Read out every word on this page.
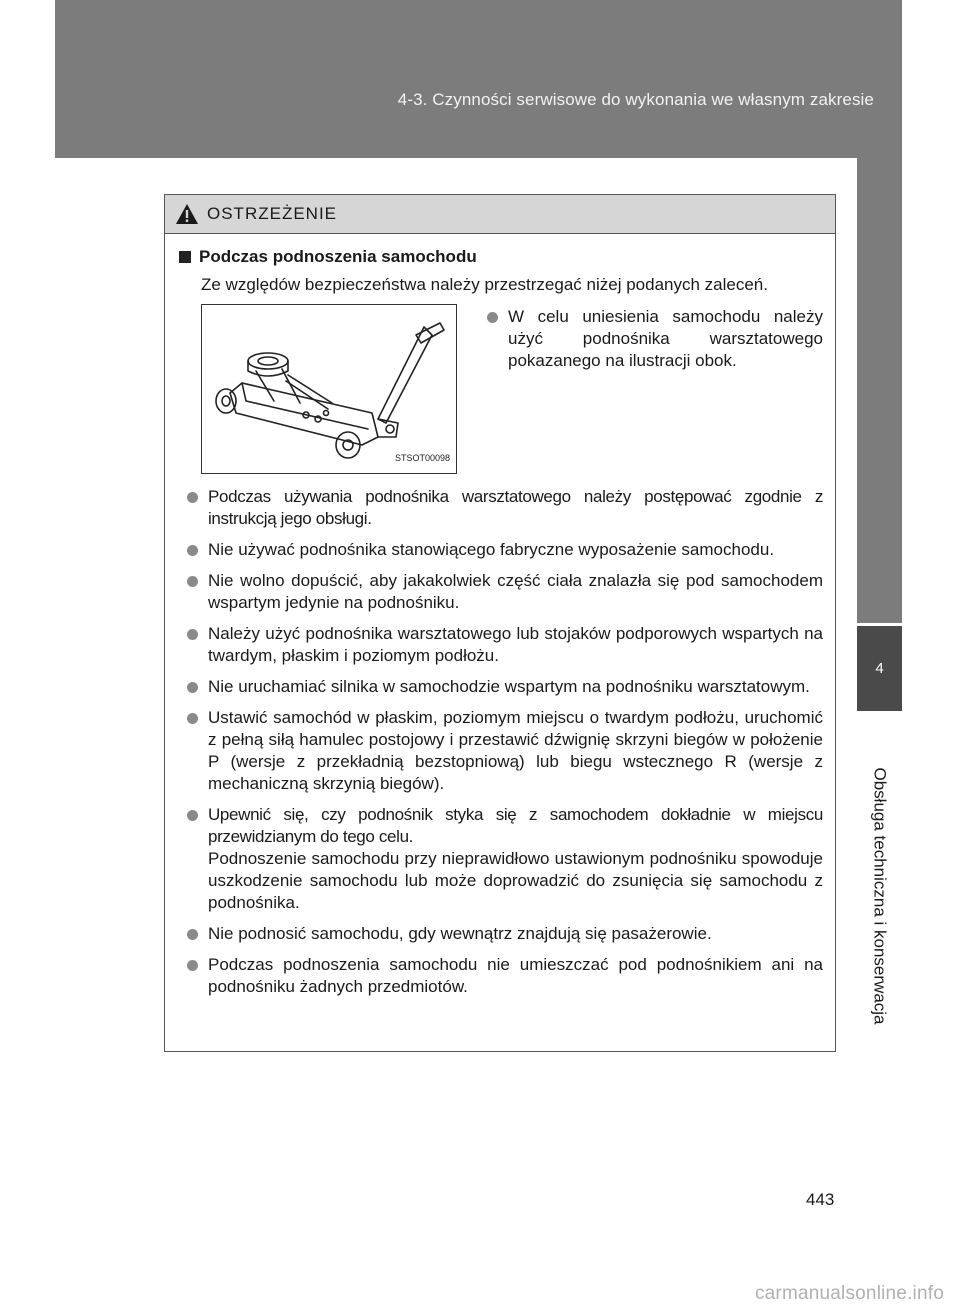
4-3. Czynności serwisowe do wykonania we własnym zakresie
4
Obsługa techniczna i konserwacja
OSTRZEŻENIE
Podczas podnoszenia samochodu
Ze względów bezpieczeństwa należy przestrzegać niżej podanych zaleceń.
STSOT00098
W celu uniesienia samochodu należy użyć podnośnika warsztatowego pokazanego na ilustracji obok.
Podczas używania podnośnika warsztatowego należy postępować zgodnie z instrukcją jego obsługi.
Nie używać podnośnika stanowiącego fabryczne wyposażenie samochodu.
Nie wolno dopuścić, aby jakakolwiek część ciała znalazła się pod samochodem wspartym jedynie na podnośniku.
Należy użyć podnośnika warsztatowego lub stojaków podporowych wspartych na twardym, płaskim i poziomym podłożu.
Nie uruchamiać silnika w samochodzie wspartym na podnośniku warsztatowym.
Ustawić samochód w płaskim, poziomym miejscu o twardym podłożu, uruchomić z pełną siłą hamulec postojowy i przestawić dźwignię skrzyni biegów w położenie P (wersje z przekładnią bezstopniową) lub biegu wstecznego R (wersje z mechaniczną skrzynią biegów).
Upewnić się, czy podnośnik styka się z samochodem dokładnie w miejscu przewidzianym do tego celu.
Podnoszenie samochodu przy nieprawidłowo ustawionym podnośniku spowoduje uszkodzenie samochodu lub może doprowadzić do zsunięcia się samochodu z podnośnika.
Nie podnosić samochodu, gdy wewnątrz znajdują się pasażerowie.
Podczas podnoszenia samochodu nie umieszczać pod podnośnikiem ani na podnośniku żadnych przedmiotów.
443
carmanualsonline.info
